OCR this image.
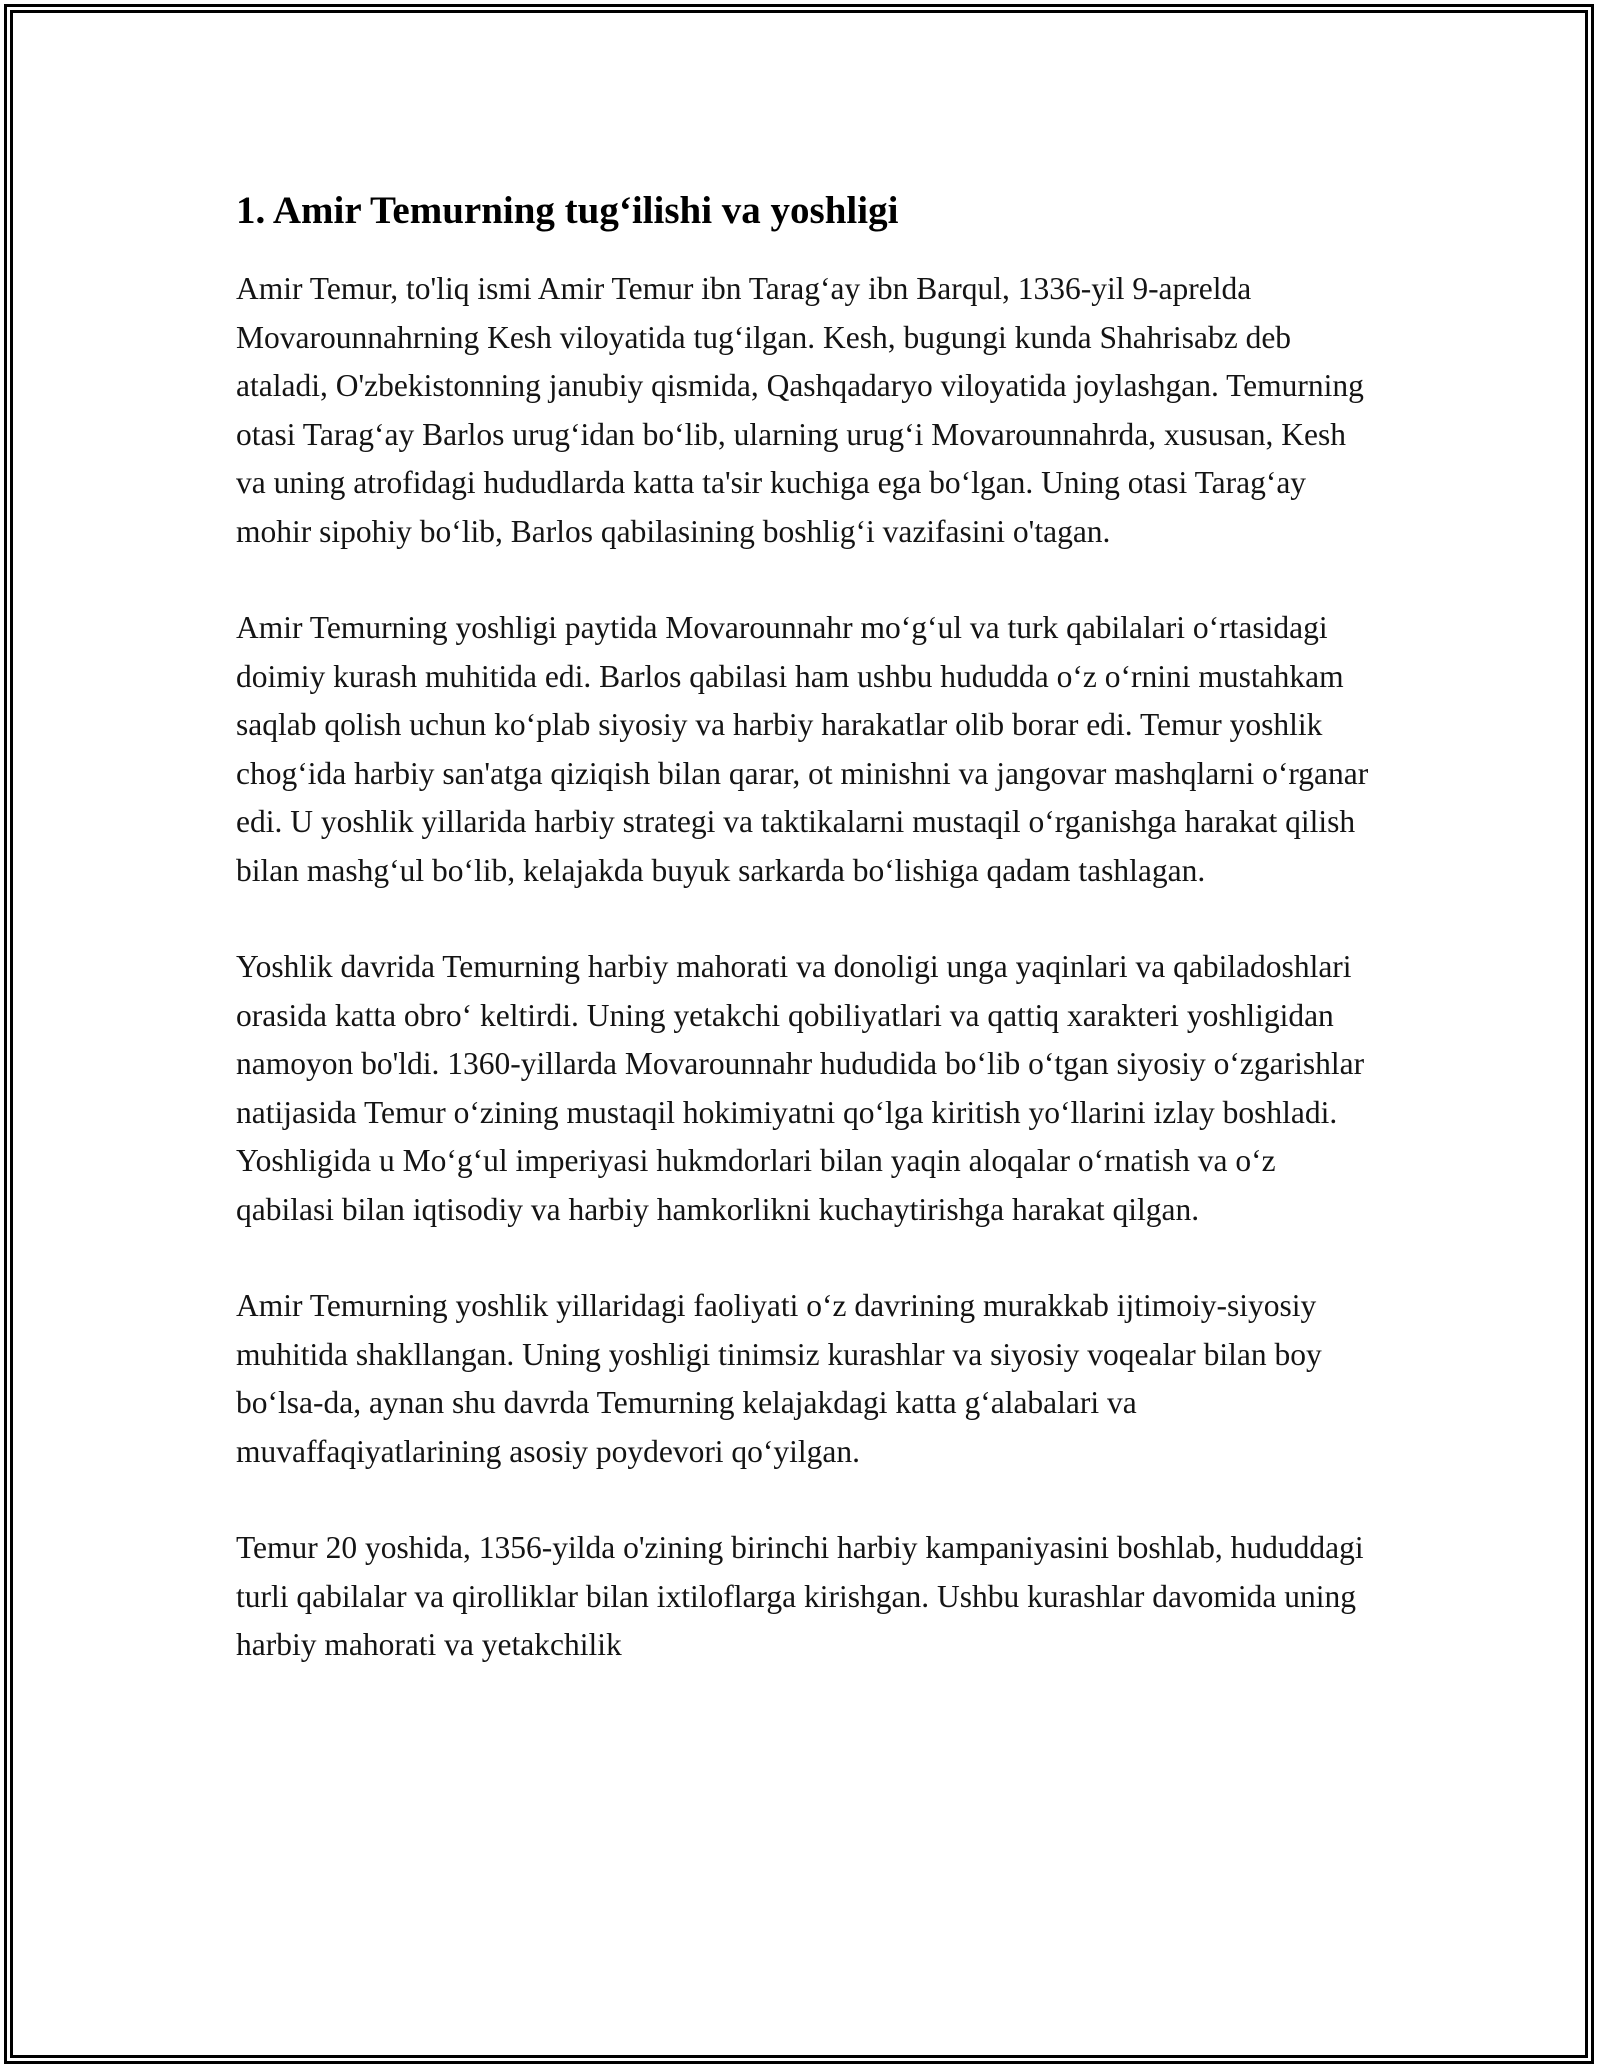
1. Amir Temurning tug‘ilishi va yoshligi

Amir Temur, to'liq ismi Amir Temur ibn Tarag‘ay ibn Barqul, 1336-yil 9-aprelda Movarounnahrning Kesh viloyatida tug‘ilgan. Kesh, bugungi kunda Shahrisabz deb ataladi, O'zbekistonning janubiy qismida, Qashqadaryo viloyatida joylashgan. Temurning otasi Tarag‘ay Barlos urug‘idan bo‘lib, ularning urug‘i Movarounnahrda, xususan, Kesh va uning atrofidagi hududlarda katta ta'sir kuchiga ega bo‘lgan. Uning otasi Tarag‘ay mohir sipohiy bo‘lib, Barlos qabilasining boshlig‘i vazifasini o'tagan.

Amir Temurning yoshligi paytida Movarounnahr mo‘g‘ul va turk qabilalari o‘rtasidagi doimiy kurash muhitida edi. Barlos qabilasi ham ushbu hududda o‘z o‘rnini mustahkam saqlab qolish uchun ko‘plab siyosiy va harbiy harakatlar olib borar edi. Temur yoshlik chog‘ida harbiy san'atga qiziqish bilan qarar, ot minishni va jangovar mashqlarni o‘rganar edi. U yoshlik yillarida harbiy strategi va taktikalarni mustaqil o‘rganishga harakat qilish bilan mashg‘ul bo‘lib, kelajakda buyuk sarkarda bo‘lishiga qadam tashlagan.

Yoshlik davrida Temurning harbiy mahorati va donoligi unga yaqinlari va qabiladoshlari orasida katta obro‘ keltirdi. Uning yetakchi qobiliyatlari va qattiq xarakteri yoshligidan namoyon bo'ldi. 1360-yillarda Movarounnahr hududida bo‘lib o‘tgan siyosiy o‘zgarishlar natijasida Temur o‘zining mustaqil hokimiyatni qo‘lga kiritish yo‘llarini izlay boshladi. Yoshligida u Mo‘g‘ul imperiyasi hukmdorlari bilan yaqin aloqalar o‘rnatish va o‘z qabilasi bilan iqtisodiy va harbiy hamkorlikni kuchaytirishga harakat qilgan.

Amir Temurning yoshlik yillaridagi faoliyati o‘z davrining murakkab ijtimoiy-siyosiy muhitida shakllangan. Uning yoshligi tinimsiz kurashlar va siyosiy voqealar bilan boy bo‘lsa-da, aynan shu davrda Temurning kelajakdagi katta g‘alabalari va muvaffaqiyatlarining asosiy poydevori qo‘yilgan.

Temur 20 yoshida, 1356-yilda o'zining birinchi harbiy kampaniyasini boshlab, hududdagi turli qabilalar va qirolliklar bilan ixtiloflarga kirishgan. Ushbu kurashlar davomida uning harbiy mahorati va yetakchilik
